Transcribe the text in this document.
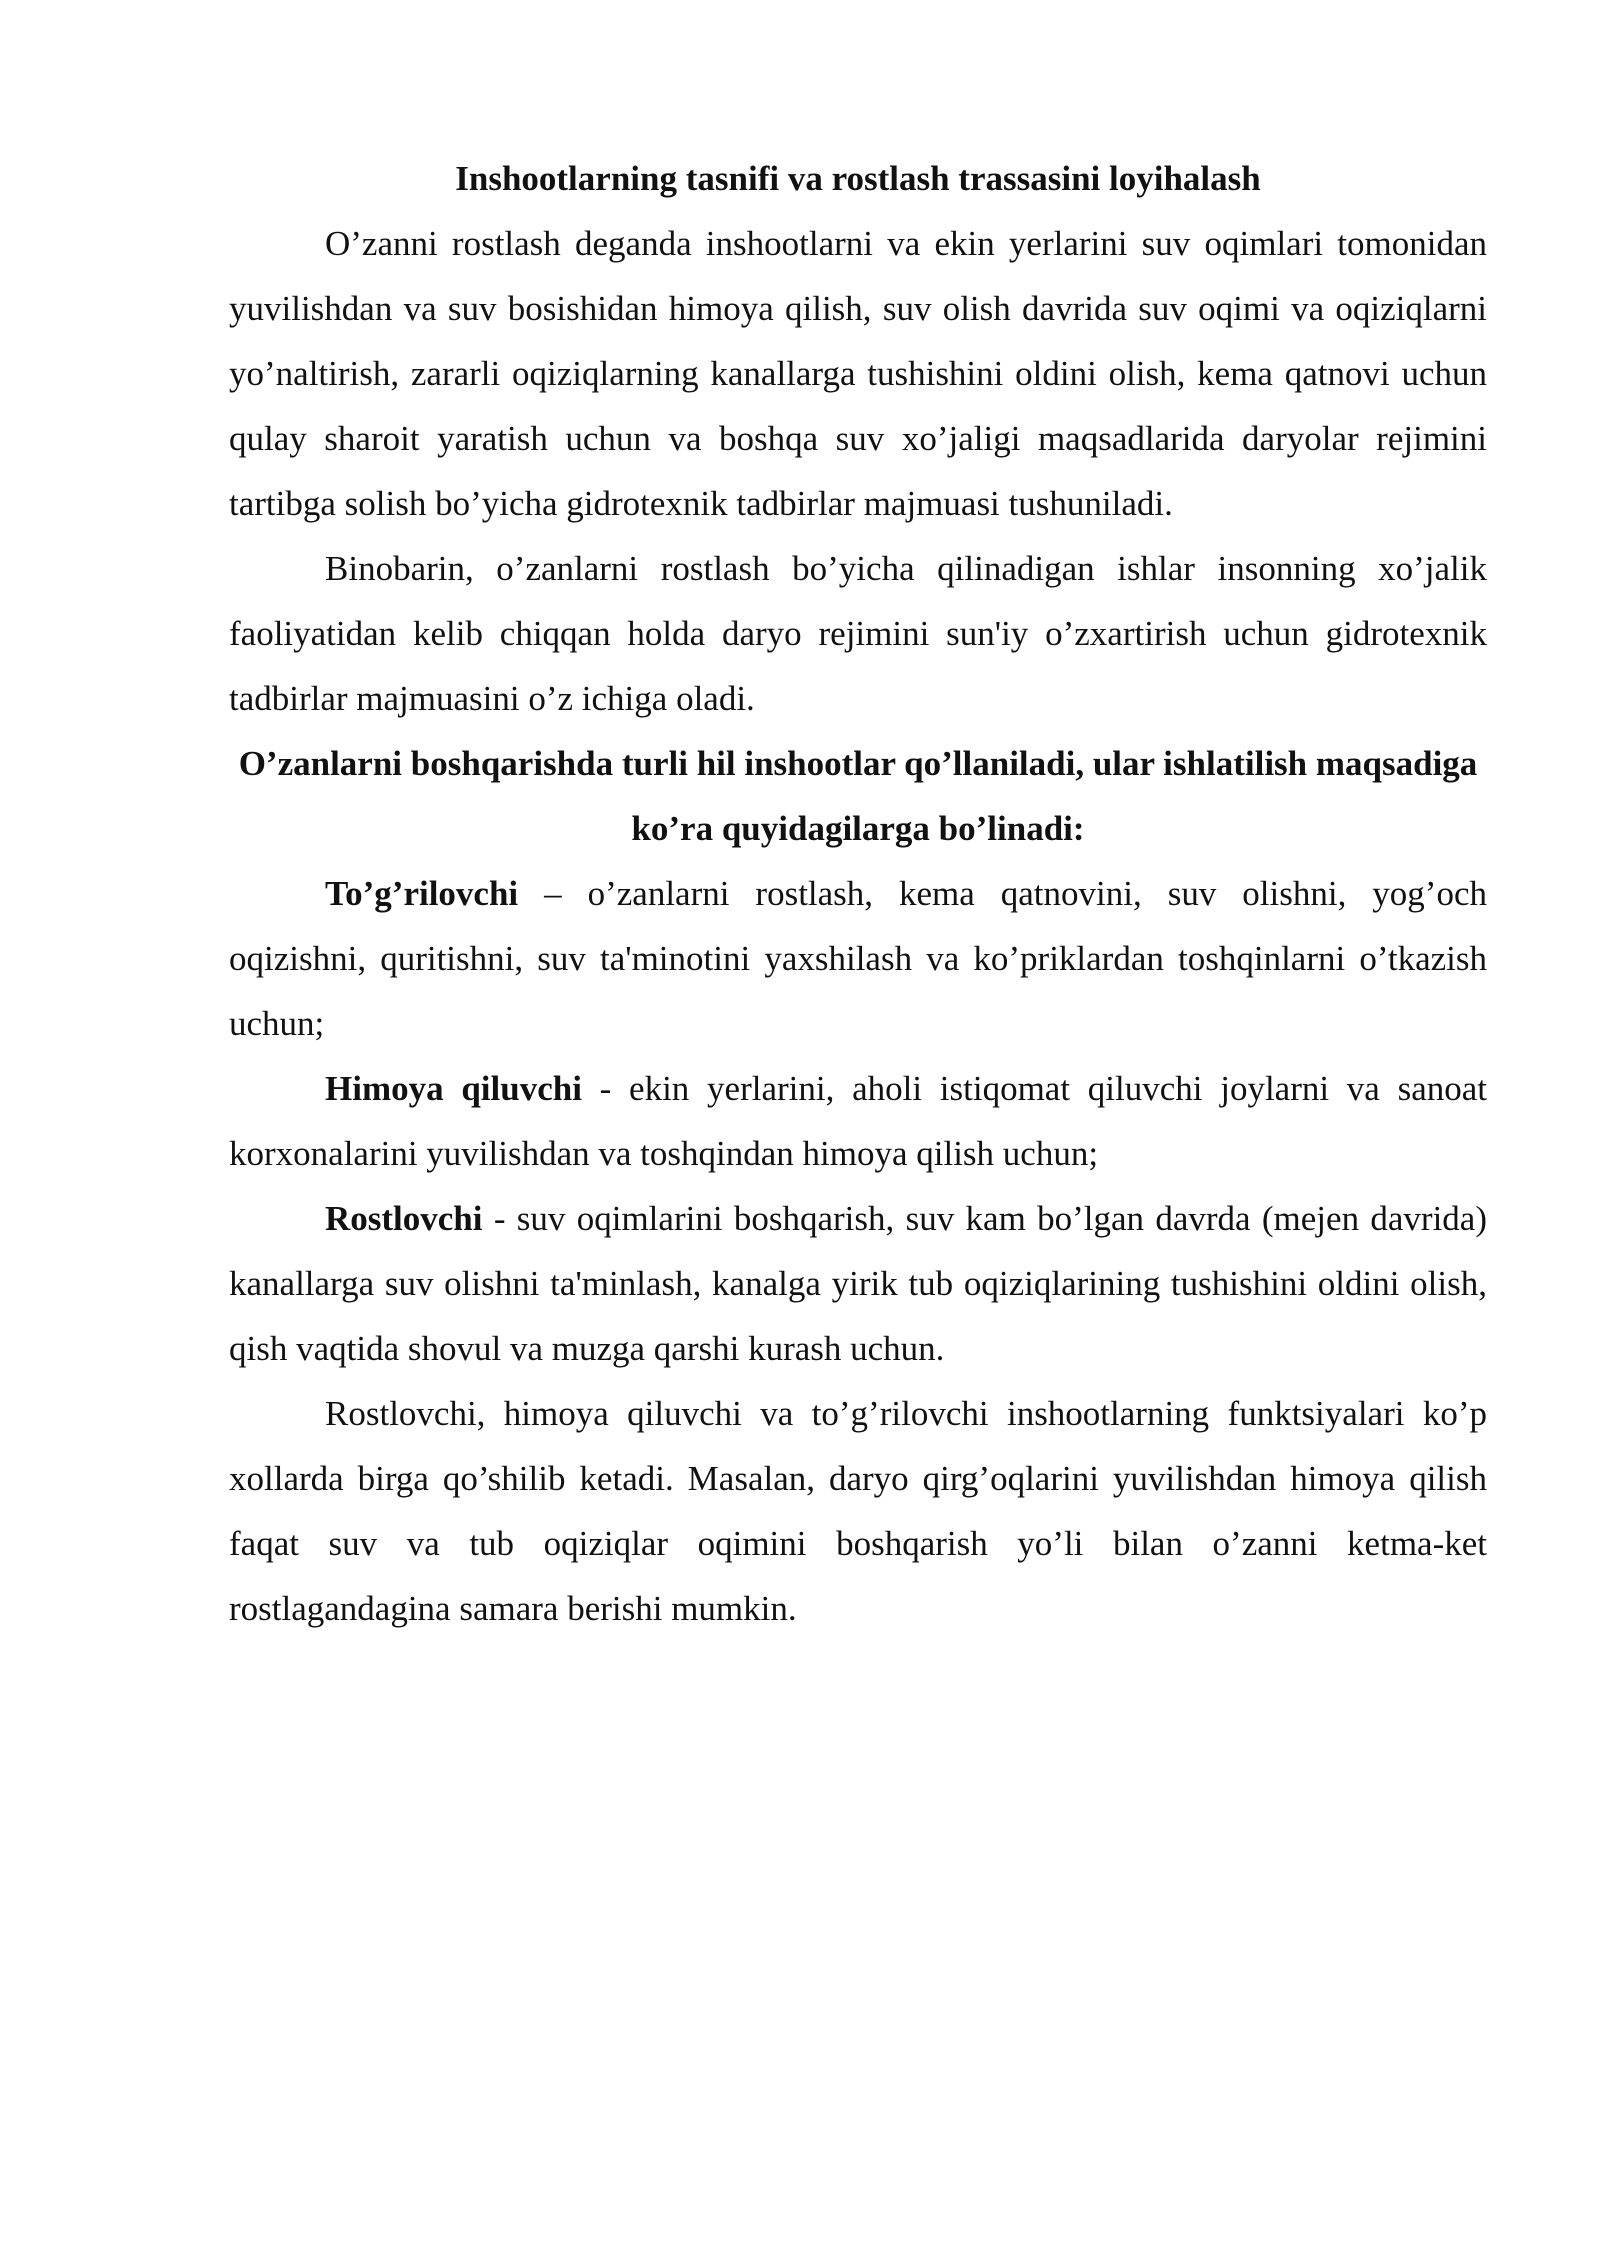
Inshootlarning tasnifi va rostlash trassasini loyihalash

O’zanni rostlash deganda inshootlarni va ekin yerlarini suv oqimlari tomonidan yuvilishdan va suv bosishidan himoya qilish, suv olish davrida suv oqimi va oqiziqlarni yo’naltirish, zararli oqiziqlarning kanallarga tushishini oldini olish, kema qatnovi uchun qulay sharoit yaratish uchun va boshqa suv xo’jaligi maqsadlarida daryolar rejimini tartibga solish bo’yicha gidrotexnik tadbirlar majmuasi tushuniladi.

Binobarin, o’zanlarni rostlash bo’yicha qilinadigan ishlar insonning xo’jalik faoliyatidan kelib chiqqan holda daryo rejimini sun'iy o’zxartirish uchun gidrotexnik tadbirlar majmuasini o’z ichiga oladi.

O’zanlarni boshqarishda turli hil inshootlar qo’llaniladi, ular ishlatilish maqsadiga ko’ra quyidagilarga bo’linadi:

To’g’rilovchi – o’zanlarni rostlash, kema qatnovini, suv olishni, yog’och oqizishni, quritishni, suv ta'minotini yaxshilash va ko’priklardan toshqinlarni o’tkazish uchun;

Himoya qiluvchi - ekin yerlarini, aholi istiqomat qiluvchi joylarni va sanoat korxonalarini yuvilishdan va toshqindan himoya qilish uchun;

Rostlovchi - suv oqimlarini boshqarish, suv kam bo’lgan davrda (mejen davrida) kanallarga suv olishni ta'minlash, kanalga yirik tub oqiziqlarining tushishini oldini olish, qish vaqtida shovul va muzga qarshi kurash uchun.

Rostlovchi, himoya qiluvchi va to’g’rilovchi inshootlarning funktsiyalari ko’p xollarda birga qo’shilib ketadi. Masalan, daryo qirg’oqlarini yuvilishdan himoya qilish faqat suv va tub oqiziqlar oqimini boshqarish yo’li bilan o’zanni ketma-ket rostlagandagina samara berishi mumkin.
